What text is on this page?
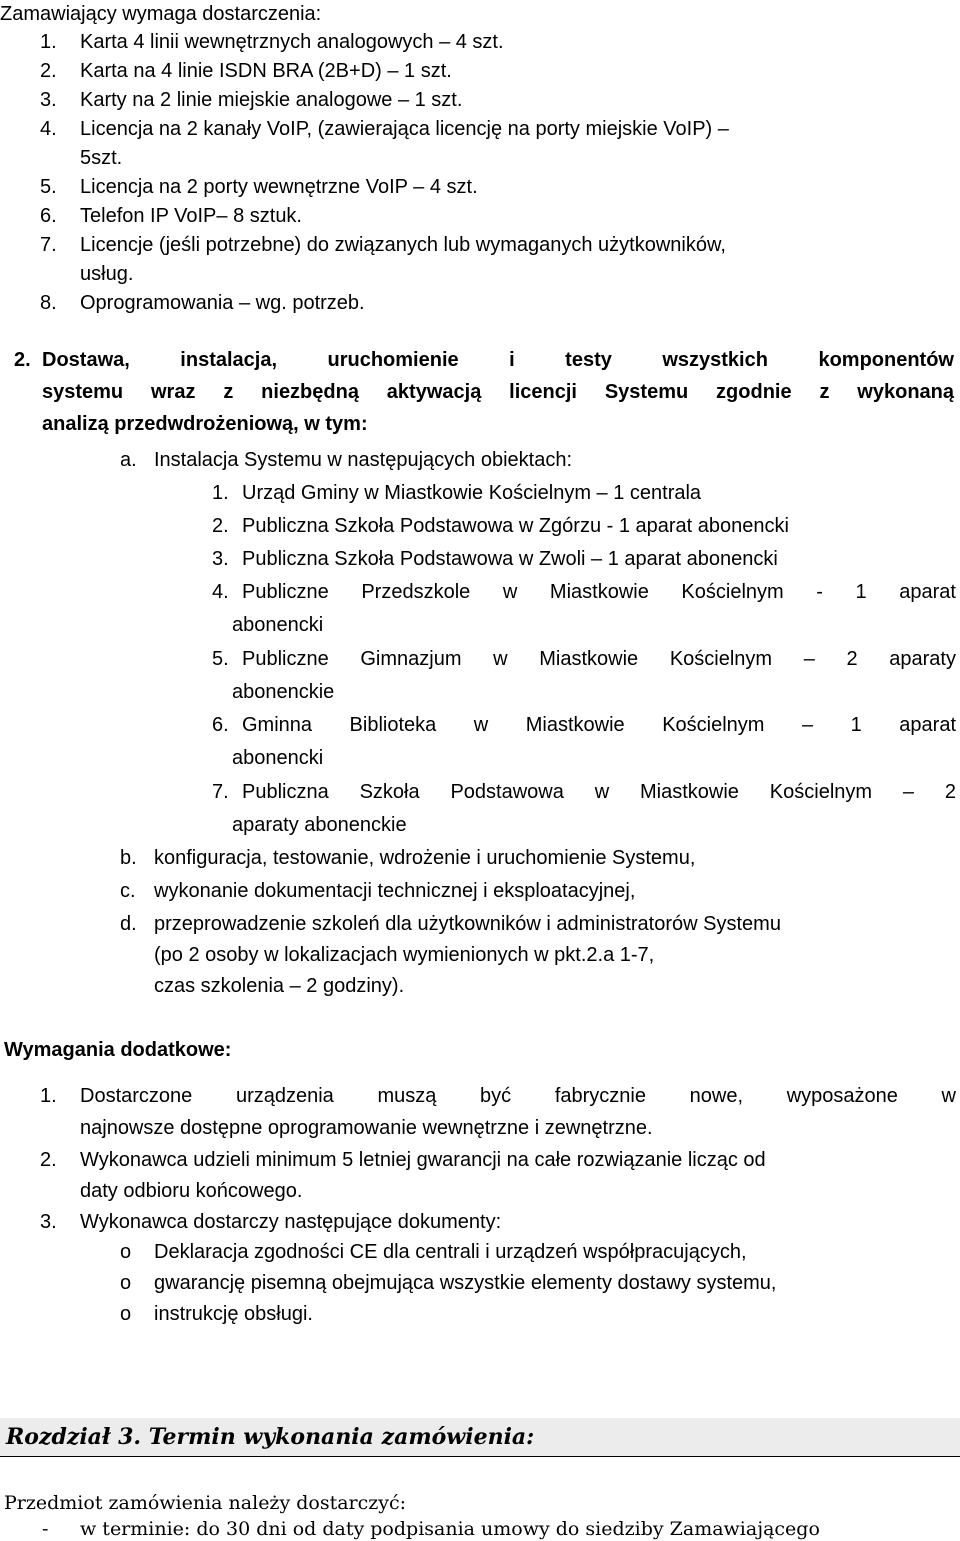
Zamawiający wymaga dostarczenia:
1. Karta 4 linii wewnętrznych analogowych – 4 szt.
2. Karta na 4 linie ISDN BRA (2B+D) – 1 szt.
3. Karty na 2 linie miejskie analogowe – 1 szt.
4. Licencja na 2 kanały VoIP, (zawierająca licencję na porty miejskie VoIP) –
5szt.
5. Licencja na 2 porty wewnętrzne VoIP – 4 szt.
6. Telefon IP VoIP– 8 sztuk.
7. Licencje (jeśli potrzebne) do związanych lub wymaganych użytkowników,
usług.
8. Oprogramowania – wg. potrzeb.
2. Dostawa, instalacja, uruchomienie i testy wszystkich komponentów
systemu wraz z niezbędną aktywacją licencji Systemu zgodnie z wykonaną
analizą przedwdrożeniową, w tym:
a. Instalacja Systemu w następujących obiektach:
1. Urząd Gminy w Miastkowie Kościelnym – 1 centrala
2. Publiczna Szkoła Podstawowa w Zgórzu - 1 aparat abonencki
3. Publiczna Szkoła Podstawowa w Zwoli – 1 aparat abonencki
4. Publiczne Przedszkole w Miastkowie Kościelnym - 1 aparat
abonencki
5. Publiczne Gimnazjum w Miastkowie Kościelnym – 2 aparaty
abonenckie
6. Gminna Biblioteka w Miastkowie Kościelnym – 1 aparat
abonencki
7. Publiczna Szkoła Podstawowa w Miastkowie Kościelnym – 2
aparaty abonenckie
b. konfiguracja, testowanie, wdrożenie i uruchomienie Systemu,
c. wykonanie dokumentacji technicznej i eksploatacyjnej,
d. przeprowadzenie szkoleń dla użytkowników i administratorów Systemu
(po 2 osoby w lokalizacjach wymienionych w pkt.2.a 1-7,
czas szkolenia – 2 godziny).
Wymagania dodatkowe:
1. Dostarczone urządzenia muszą być fabrycznie nowe, wyposażone w
najnowsze dostępne oprogramowanie wewnętrzne i zewnętrzne.
2. Wykonawca udzieli minimum 5 letniej gwarancji na całe rozwiązanie licząc od
daty odbioru końcowego.
3. Wykonawca dostarczy następujące dokumenty:
o Deklaracja zgodności CE dla centrali i urządzeń współpracujących,
o gwarancję pisemną obejmująca wszystkie elementy dostawy systemu,
o instrukcję obsługi.
Rozdział 3. Termin wykonania zamówienia:
Przedmiot zamówienia należy dostarczyć:
- w terminie: do 30 dni od daty podpisania umowy do siedziby Zamawiającego
